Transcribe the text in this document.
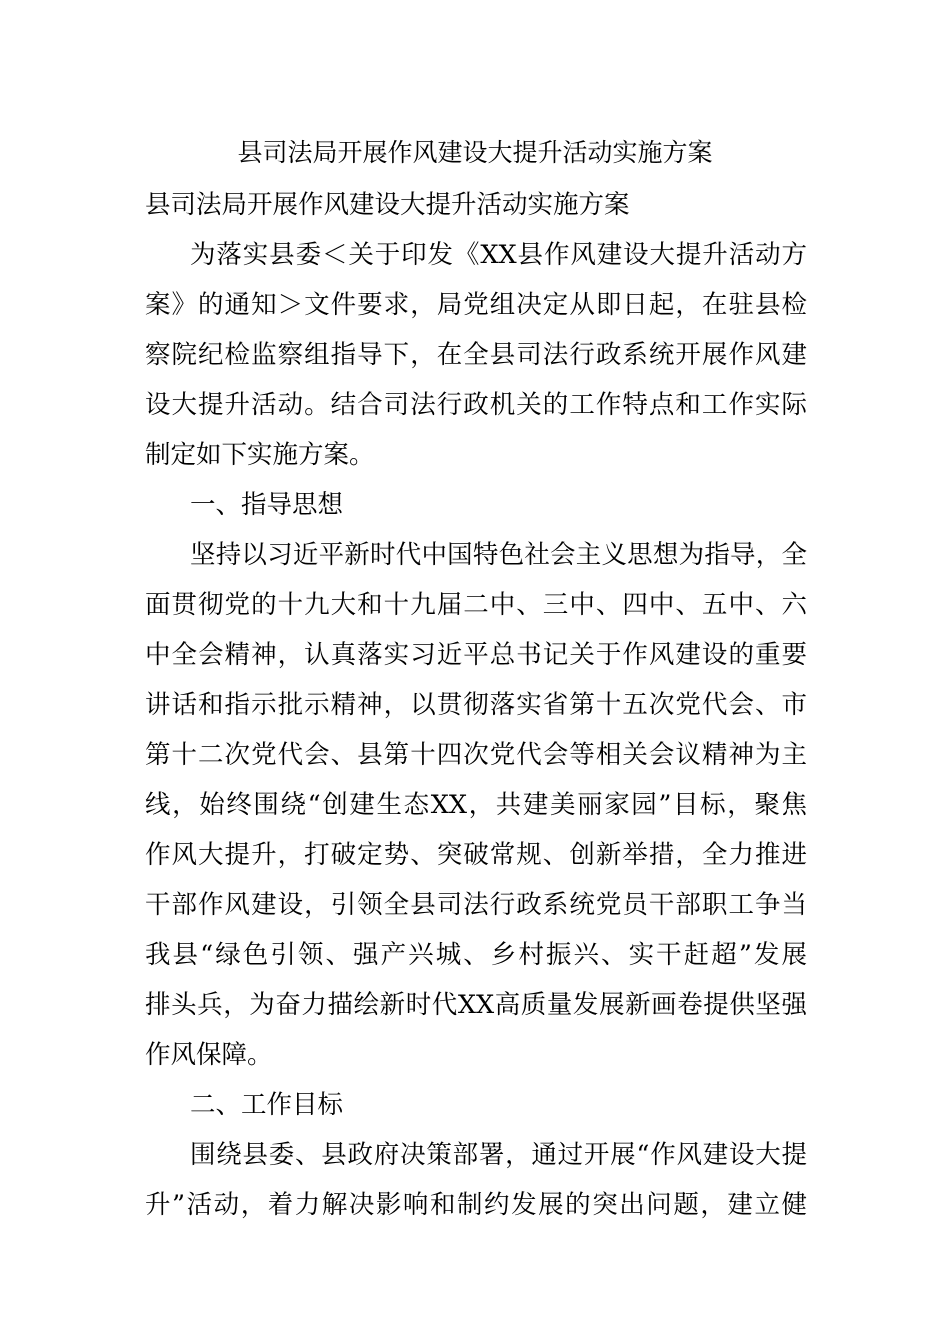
县司法局开展作风建设大提升活动实施方案
县司法局开展作风建设大提升活动实施方案
为落实县委＜关于印发《XX县作风建设大提升活动方
案》的通知＞文件要求，局党组决定从即日起，在驻县检
察院纪检监察组指导下，在全县司法行政系统开展作风建
设大提升活动。结合司法行政机关的工作特点和工作实际
制定如下实施方案。
一、指导思想
坚持以习近平新时代中国特色社会主义思想为指导，全
面贯彻党的十九大和十九届二中、三中、四中、五中、六
中全会精神，认真落实习近平总书记关于作风建设的重要
讲话和指示批示精神，以贯彻落实省第十五次党代会、市
第十二次党代会、县第十四次党代会等相关会议精神为主
线，始终围绕“创建生态XX，共建美丽家园”目标，聚焦
作风大提升，打破定势、突破常规、创新举措，全力推进
干部作风建设，引领全县司法行政系统党员干部职工争当
我县“绿色引领、强产兴城、乡村振兴、实干赶超”发展
排头兵，为奋力描绘新时代XX高质量发展新画卷提供坚强
作风保障。
二、工作目标
围绕县委、县政府决策部署，通过开展“作风建设大提
升”活动，着力解决影响和制约发展的突出问题，建立健
